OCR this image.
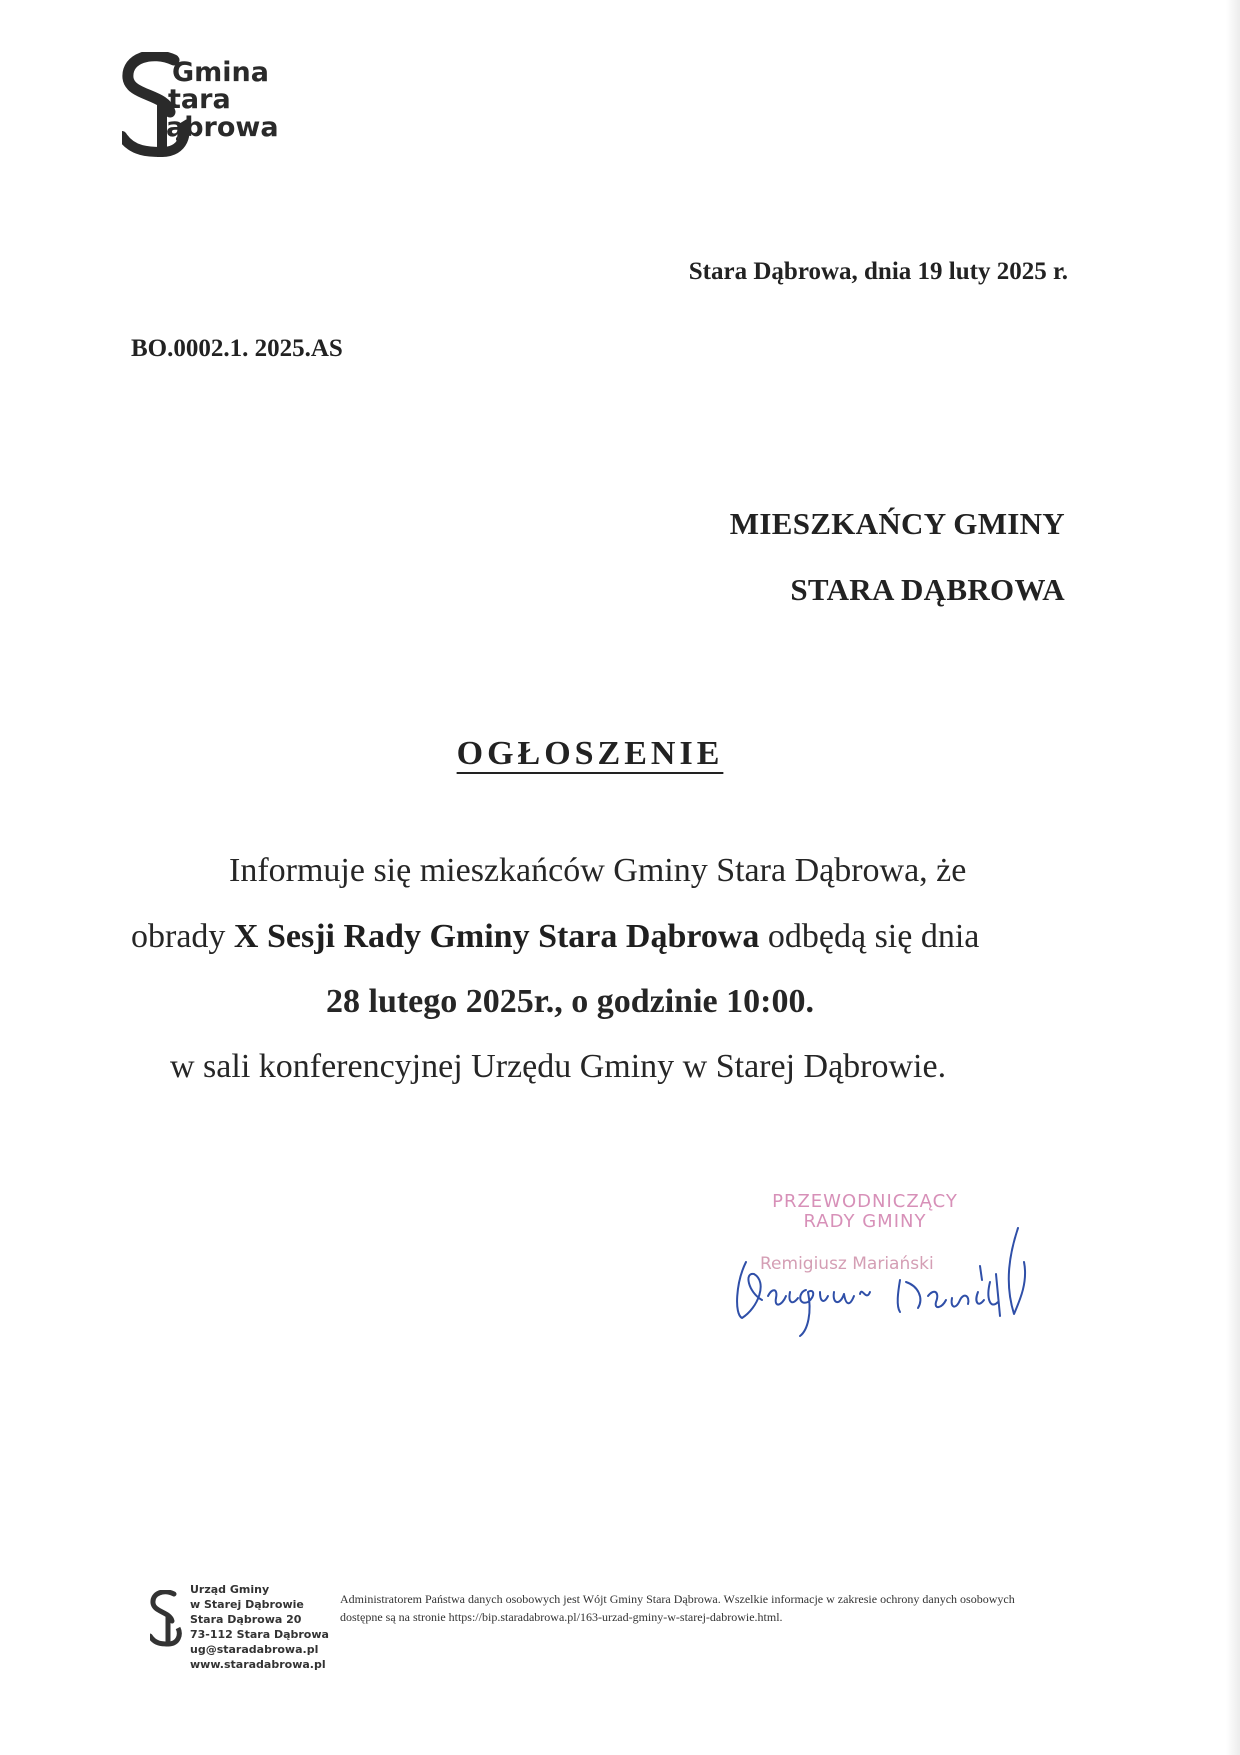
Gmina
tara
ąbrowa
Stara Dąbrowa, dnia 19 luty 2025 r.
BO.0002.1. 2025.AS
MIESZKAŃCY GMINY
STARA DĄBROWA
OGŁOSZENIE
Informuje się mieszkańców Gminy Stara Dąbrowa, że
obrady X Sesji Rady Gminy Stara Dąbrowa odbędą się dnia
28 lutego 2025r., o godzinie 10:00.
w sali konferencyjnej Urzędu Gminy w Starej Dąbrowie.
PRZEWODNICZĄCY
RADY GMINY
Remigiusz Mariański
Urząd Gminy
w Starej Dąbrowie
Stara Dąbrowa 20
73-112 Stara Dąbrowa
ug@staradabrowa.pl
www.staradabrowa.pl
Administratorem Państwa danych osobowych jest Wójt Gminy Stara Dąbrowa. Wszelkie informacje w zakresie ochrony danych osobowych dostępne są na stronie https://bip.staradabrowa.pl/163-urzad-gminy-w-starej-dabrowie.html.
